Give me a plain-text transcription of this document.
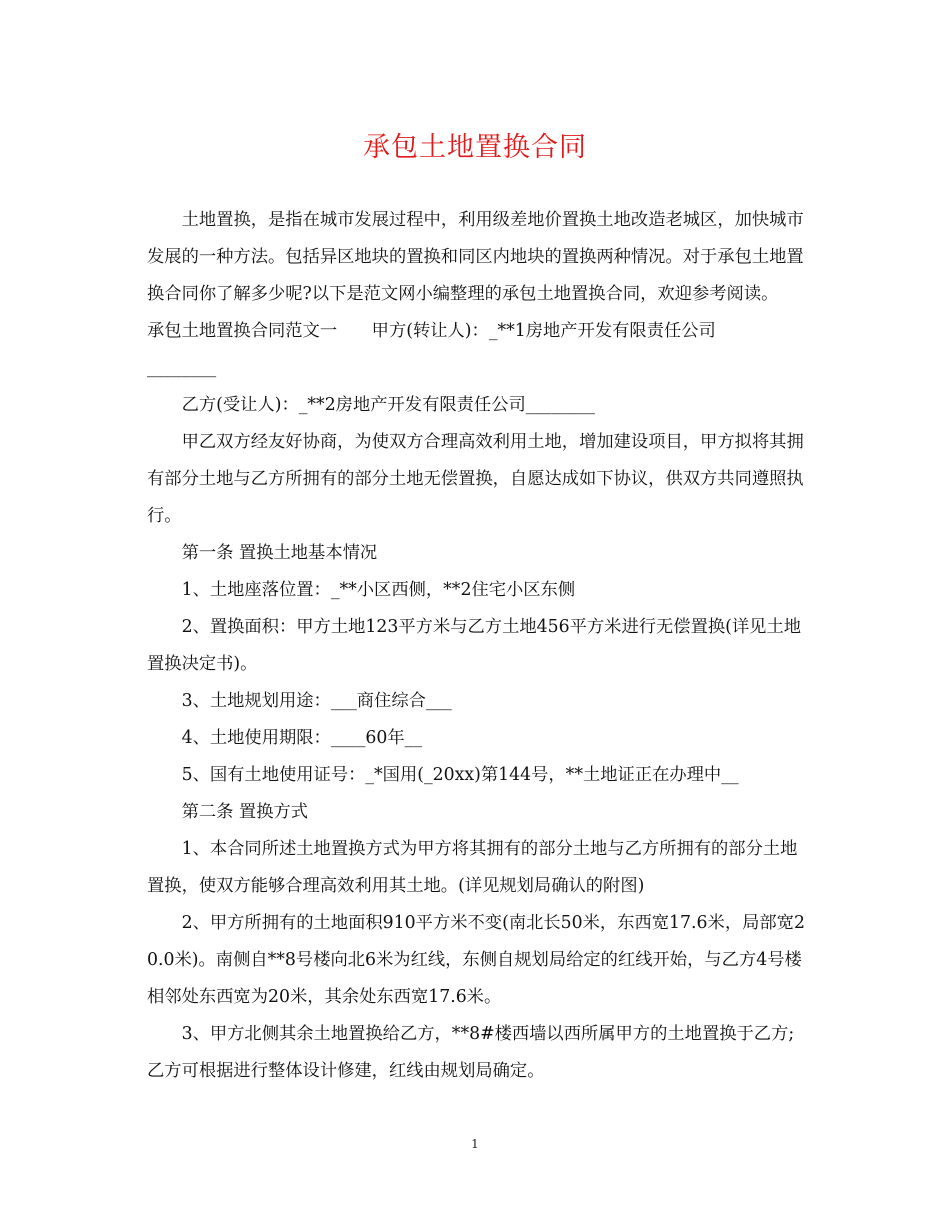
承包土地置换合同

土地置换，是指在城市发展过程中，利用级差地价置换土地改造老城区，加快城市发展的一种方法。包括异区地块的置换和同区内地块的置换两种情况。对于承包土地置换合同你了解多少呢?以下是范文网小编整理的承包土地置换合同，欢迎参考阅读。

承包土地置换合同范文一　　甲方(转让人)：_**1房地产开发有限责任公司

________

乙方(受让人)：_**2房地产开发有限责任公司________

甲乙双方经友好协商，为使双方合理高效利用土地，增加建设项目，甲方拟将其拥有部分土地与乙方所拥有的部分土地无偿置换，自愿达成如下协议，供双方共同遵照执行。

第一条 置换土地基本情况

1、土地座落位置：_**小区西侧，**2住宅小区东侧

2、置换面积：甲方土地123平方米与乙方土地456平方米进行无偿置换(详见土地置换决定书)。

3、土地规划用途：___商住综合___

4、土地使用期限：____60年__

5、国有土地使用证号：_*国用(_20xx)第144号，**土地证正在办理中__

第二条 置换方式

1、本合同所述土地置换方式为甲方将其拥有的部分土地与乙方所拥有的部分土地置换，使双方能够合理高效利用其土地。(详见规划局确认的附图)

2、甲方所拥有的土地面积910平方米不变(南北长50米，东西宽17.6米，局部宽20.0米)。南侧自**8号楼向北6米为红线，东侧自规划局给定的红线开始，与乙方4号楼相邻处东西宽为20米，其余处东西宽17.6米。

3、甲方北侧其余土地置换给乙方，**8#楼西墙以西所属甲方的土地置换于乙方;乙方可根据进行整体设计修建，红线由规划局确定。

1
